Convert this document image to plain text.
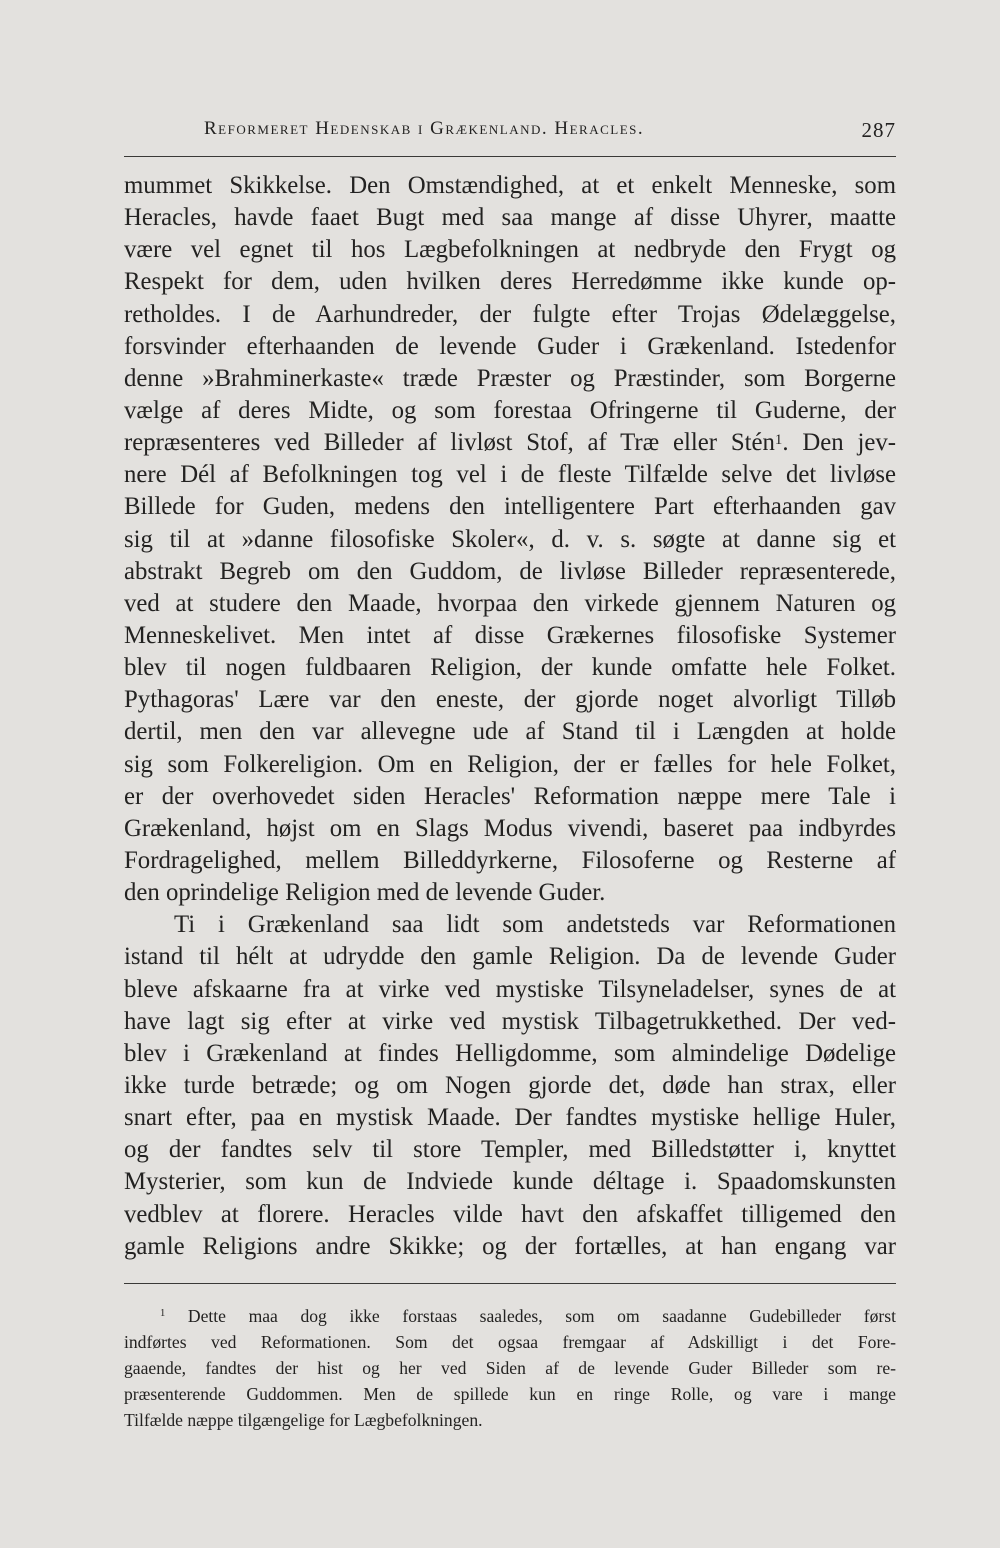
Reformeret Hedenskab i Grækenland. Heracles.	287
mummet Skikkelse. Den Omstændighed, at et enkelt Menneske, som
Heracles, havde faaet Bugt med saa mange af disse Uhyrer, maatte
være vel egnet til hos Lægbefolkningen at nedbryde den Frygt og
Respekt for dem, uden hvilken deres Herredømme ikke kunde op-
retholdes. I de Aarhundreder, der fulgte efter Trojas Ødelæggelse,
forsvinder efterhaanden de levende Guder i Grækenland. Istedenfor
denne »Brahminerkaste« træde Præster og Præstinder, som Borgerne
vælge af deres Midte, og som forestaa Ofringerne til Guderne, der
repræsenteres ved Billeder af livløst Stof, af Træ eller Stén$^1$. Den jev-
nere Dél af Befolkningen tog vel i de fleste Tilfælde selve det livløse
Billede for Guden, medens den intelligentere Part efterhaanden gav
sig til at »danne filosofiske Skoler«, d. v. s. søgte at danne sig et
abstrakt Begreb om den Guddom, de livløse Billeder repræsenterede,
ved at studere den Maade, hvorpaa den virkede gjennem Naturen og
Menneskelivet. Men intet af disse Grækernes filosofiske Systemer
blev til nogen fuldbaaren Religion, der kunde omfatte hele Folket.
Pythagoras' Lære var den eneste, der gjorde noget alvorligt Tilløb
dertil, men den var allevegne ude af Stand til i Længden at holde
sig som Folkereligion. Om en Religion, der er fælles for hele Folket,
er der overhovedet siden Heracles' Reformation næppe mere Tale i
Grækenland, højst om en Slags Modus vivendi, baseret paa indbyrdes
Fordragelighed, mellem Billeddyrkerne, Filosoferne og Resterne af
den oprindelige Religion med de levende Guder.
Ti i Grækenland saa lidt som andetsteds var Reformationen
istand til hélt at udrydde den gamle Religion. Da de levende Guder
bleve afskaarne fra at virke ved mystiske Tilsyneladelser, synes de at
have lagt sig efter at virke ved mystisk Tilbagetrukkethed. Der ved-
blev i Grækenland at findes Helligdomme, som almindelige Dødelige
ikke turde betræde; og om Nogen gjorde det, døde han strax, eller
snart efter, paa en mystisk Maade. Der fandtes mystiske hellige Huler,
og der fandtes selv til store Templer, med Billedstøtter i, knyttet
Mysterier, som kun de Indviede kunde déltage i. Spaadomskunsten
vedblev at florere. Heracles vilde havt den afskaffet tilligemed den
gamle Religions andre Skikke; og der fortælles, at han engang var
$^1$ Dette maa dog ikke forstaas saaledes, som om saadanne Gudebilleder først
indførtes ved Reformationen. Som det ogsaa fremgaar af Adskilligt i det Fore-
gaaende, fandtes der hist og her ved Siden af de levende Guder Billeder som re-
præsenterende Guddommen. Men de spillede kun en ringe Rolle, og vare i mange
Tilfælde næppe tilgængelige for Lægbefolkningen.
